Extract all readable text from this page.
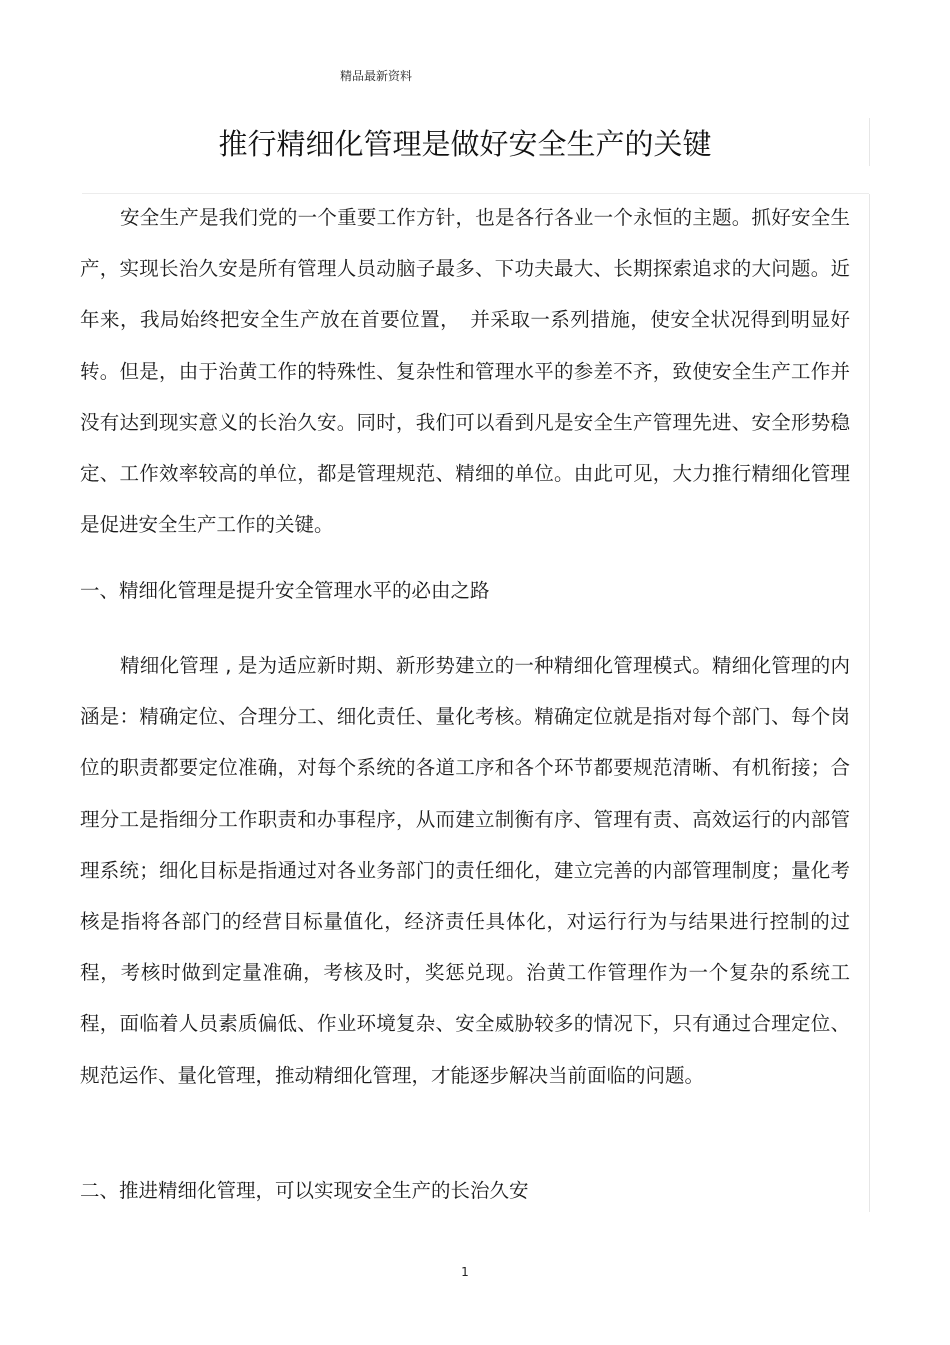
精品最新资料
推行精细化管理是做好安全生产的关键

安全生产是我们党的一个重要工作方针，也是各行各业一个永恒的主题。抓好安全生产，实现长治久安是所有管理人员动脑子最多、下功夫最大、长期探索追求的大问题。近年来，我局始终把安全生产放在首要位置，　并采取一系列措施，使安全状况得到明显好转。但是，由于治黄工作的特殊性、复杂性和管理水平的参差不齐，致使安全生产工作并没有达到现实意义的长治久安。同时，我们可以看到凡是安全生产管理先进、安全形势稳定、工作效率较高的单位，都是管理规范、精细的单位。由此可见，大力推行精细化管理是促进安全生产工作的关键。

一、精细化管理是提升安全管理水平的必由之路

精细化管理 , 是为适应新时期、新形势建立的一种精细化管理模式。精细化管理的内涵是：精确定位、合理分工、细化责任、量化考核。精确定位就是指对每个部门、每个岗位的职责都要定位准确，对每个系统的各道工序和各个环节都要规范清晰、有机衔接；合理分工是指细分工作职责和办事程序，从而建立制衡有序、管理有责、高效运行的内部管理系统；细化目标是指通过对各业务部门的责任细化，建立完善的内部管理制度；量化考核是指将各部门的经营目标量值化，经济责任具体化，对运行行为与结果进行控制的过程，考核时做到定量准确，考核及时，奖惩兑现。治黄工作管理作为一个复杂的系统工程，面临着人员素质偏低、作业环境复杂、安全威胁较多的情况下，只有通过合理定位、规范运作、量化管理，推动精细化管理，才能逐步解决当前面临的问题。

二、推进精细化管理，可以实现安全生产的长治久安
1
